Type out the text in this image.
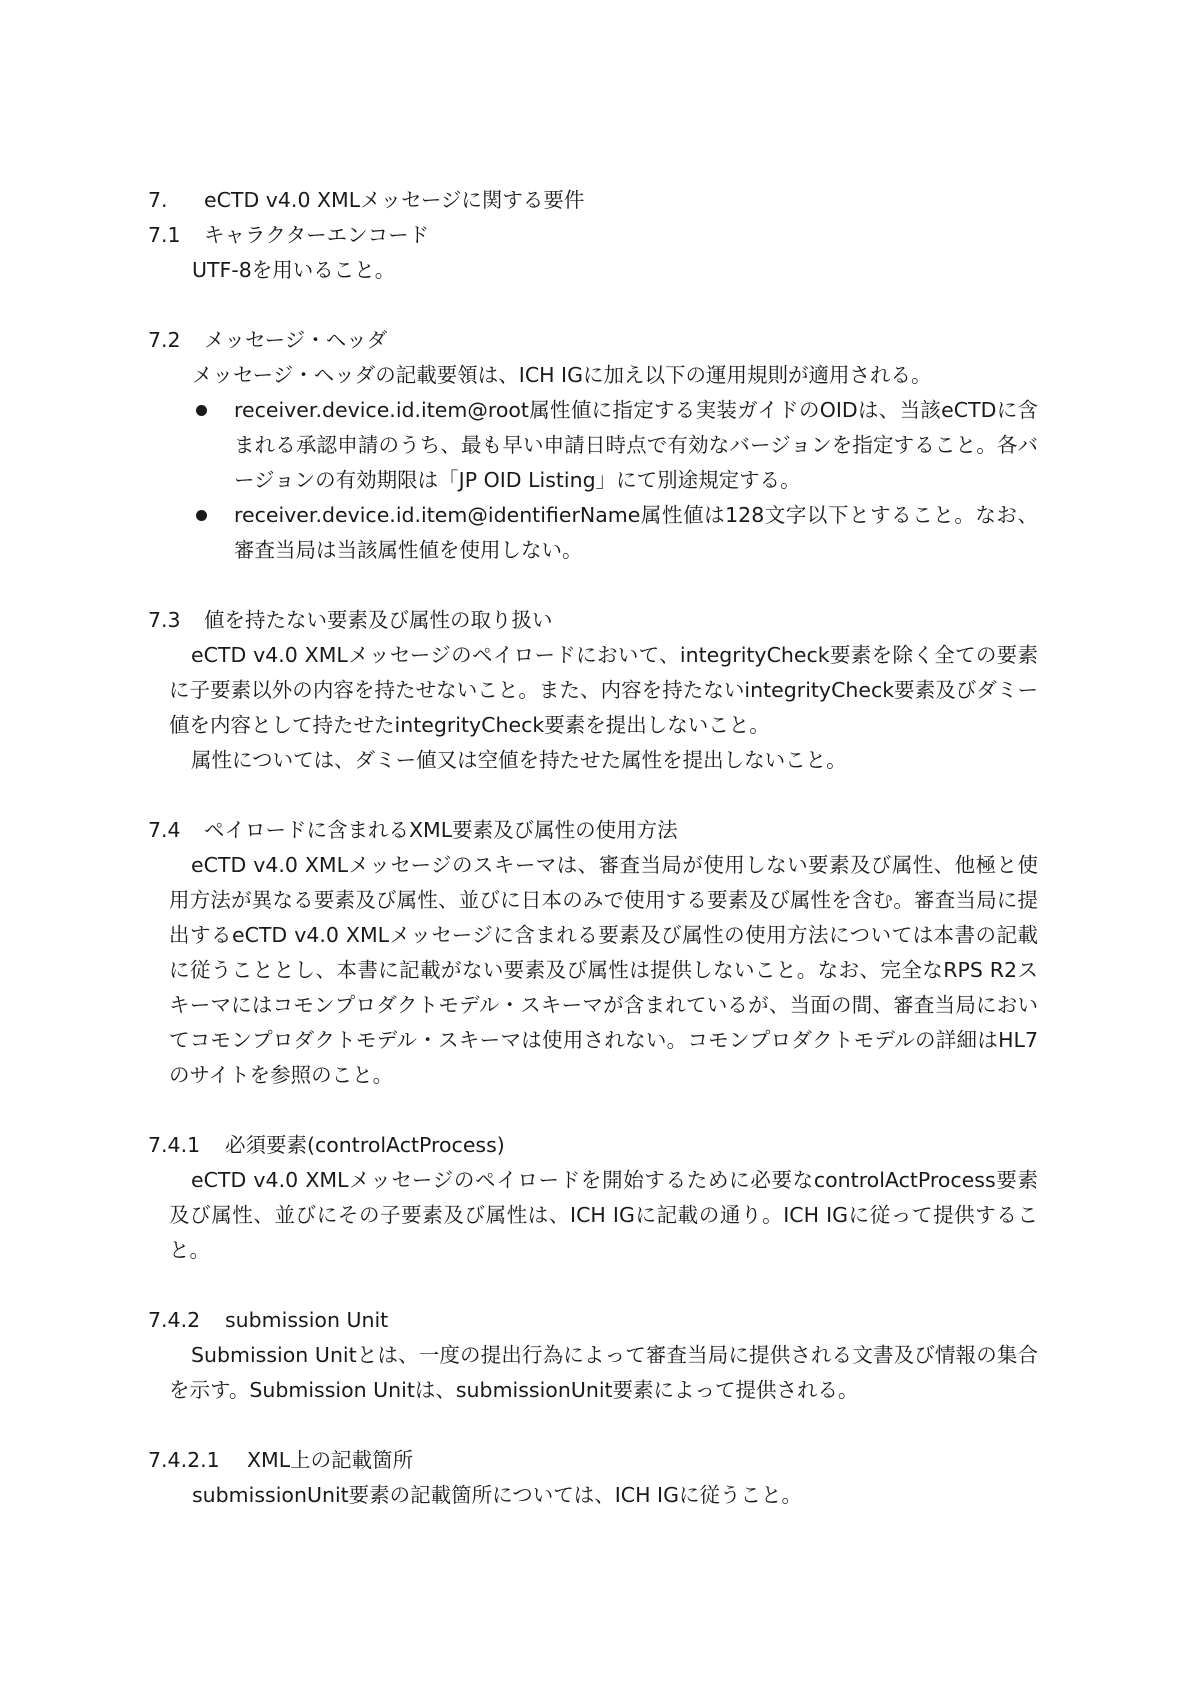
7.	eCTD v4.0 XMLメッセージに関する要件
7.1	キャラクターエンコード

UTF-8を用いること。

7.2	メッセージ・ヘッダ

メッセージ・ヘッダの記載要領は、ICH IGに加え以下の運用規則が適用される。

receiver.device.id.item@root属性値に指定する実装ガイドのOIDは、当該eCTDに含まれる承認申請のうち、最も早い申請日時点で有効なバージョンを指定すること。各バージョンの有効期限は「JP OID Listing」にて別途規定する。
receiver.device.id.item@identifierName属性値は128文字以下とすること。なお、審査当局は当該属性値を使用しない。
7.3	値を持たない要素及び属性の取り扱い

eCTD v4.0 XMLメッセージのペイロードにおいて、integrityCheck要素を除く全ての要素に子要素以外の内容を持たせないこと。また、内容を持たないintegrityCheck要素及びダミー値を内容として持たせたintegrityCheck要素を提出しないこと。

属性については、ダミー値又は空値を持たせた属性を提出しないこと。

7.4	ペイロードに含まれるXML要素及び属性の使用方法

eCTD v4.0 XMLメッセージのスキーマは、審査当局が使用しない要素及び属性、他極と使用方法が異なる要素及び属性、並びに日本のみで使用する要素及び属性を含む。審査当局に提出するeCTD v4.0 XMLメッセージに含まれる要素及び属性の使用方法については本書の記載に従うこととし、本書に記載がない要素及び属性は提供しないこと。なお、完全なRPS R2スキーマにはコモンプロダクトモデル・スキーマが含まれているが、当面の間、審査当局においてコモンプロダクトモデル・スキーマは使用されない。コモンプロダクトモデルの詳細はHL7のサイトを参照のこと。

7.4.1	必須要素(controlActProcess)

eCTD v4.0 XMLメッセージのペイロードを開始するために必要なcontrolActProcess要素及び属性、並びにその子要素及び属性は、ICH IGに記載の通り。ICH IGに従って提供すること。

7.4.2	submission Unit

Submission Unitとは、一度の提出行為によって審査当局に提供される文書及び情報の集合を示す。Submission Unitは、submissionUnit要素によって提供される。

7.4.2.1	XML上の記載箇所

submissionUnit要素の記載箇所については、ICH IGに従うこと。
